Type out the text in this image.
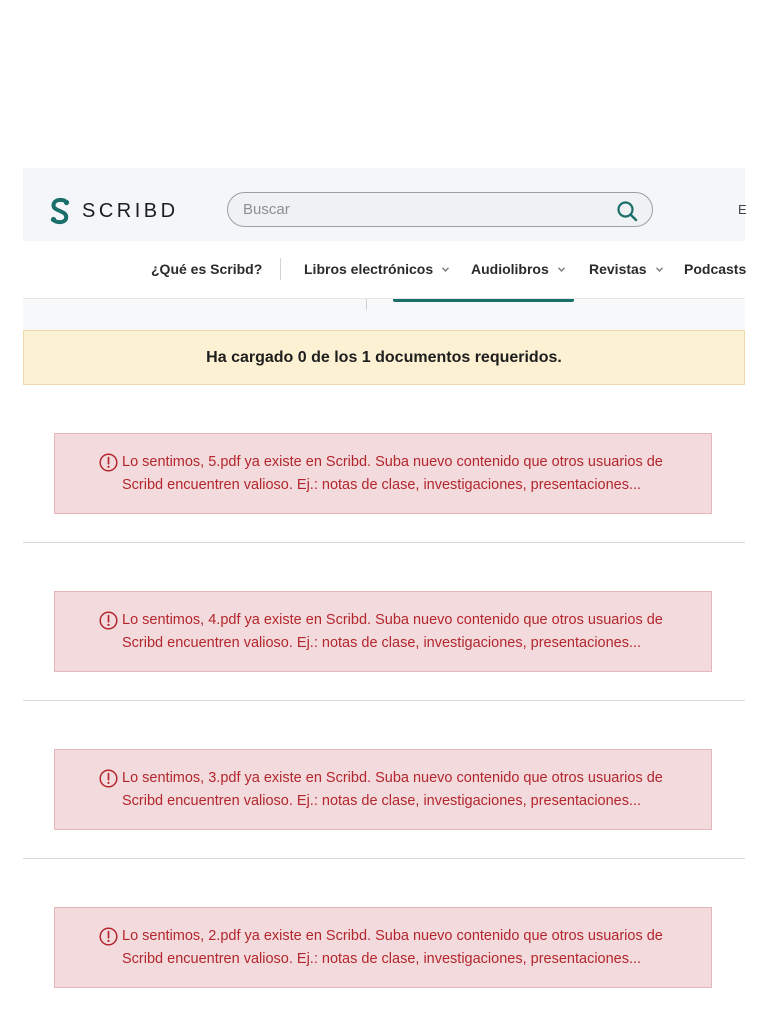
SCRIBD
Buscar	E
¿Qué es Scribd?	Libros electrónicos	Audiolibros	Revistas	Podcasts
Ha cargado 0 de los 1 documentos requeridos.
Lo sentimos, 5.pdf ya existe en Scribd. Suba nuevo contenido que otros usuarios de
Scribd encuentren valioso. Ej.: notas de clase, investigaciones, presentaciones...
Lo sentimos, 4.pdf ya existe en Scribd. Suba nuevo contenido que otros usuarios de
Scribd encuentren valioso. Ej.: notas de clase, investigaciones, presentaciones...
Lo sentimos, 3.pdf ya existe en Scribd. Suba nuevo contenido que otros usuarios de
Scribd encuentren valioso. Ej.: notas de clase, investigaciones, presentaciones...
Lo sentimos, 2.pdf ya existe en Scribd. Suba nuevo contenido que otros usuarios de
Scribd encuentren valioso. Ej.: notas de clase, investigaciones, presentaciones...
